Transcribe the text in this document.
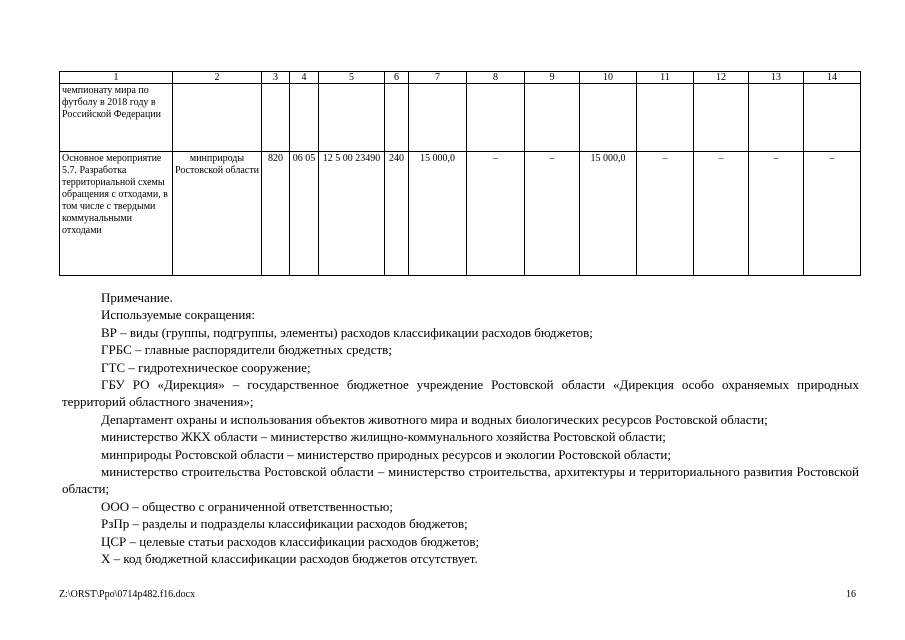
1	2	3	4	5	6	7	8	9	10	11	12	13	14
чемпионату мира по футболу в 2018 году в Российской Федерации													
Основное мероприятие 5.7. Разработка территориальной схемы обращения с отходами, в том числе с твердыми коммунальными отходами	минприроды Ростовской области	820	06 05	12 5 00 23490	240	15 000,0	–	–	15 000,0	–	–	–	–

Примечание.

Используемые сокращения:

ВР – виды (группы, подгруппы, элементы) расходов классификации расходов бюджетов;

ГРБС – главные распорядители бюджетных средств;

ГТС – гидротехническое сооружение;

ГБУ РО «Дирекция» – государственное бюджетное учреждение Ростовской области «Дирекция особо охраняемых природных территорий областного значения»;

Департамент охраны и использования объектов животного мира и водных биологических ресурсов Ростовской области;

министерство ЖКХ области – министерство жилищно-коммунального хозяйства Ростовской области;

минприроды Ростовской области – министерство природных ресурсов и экологии Ростовской области;

министерство строительства Ростовской области – министерство строительства, архитектуры и территориального развития Ростовской области;

ООО – общество с ограниченной ответственностью;

РзПр – разделы и подразделы классификации расходов бюджетов;

ЦСР – целевые статьи расходов классификации расходов бюджетов;

Х – код бюджетной классификации расходов бюджетов отсутствует.

Z:\ORST\Ppo\0714p482.f16.docx	16
